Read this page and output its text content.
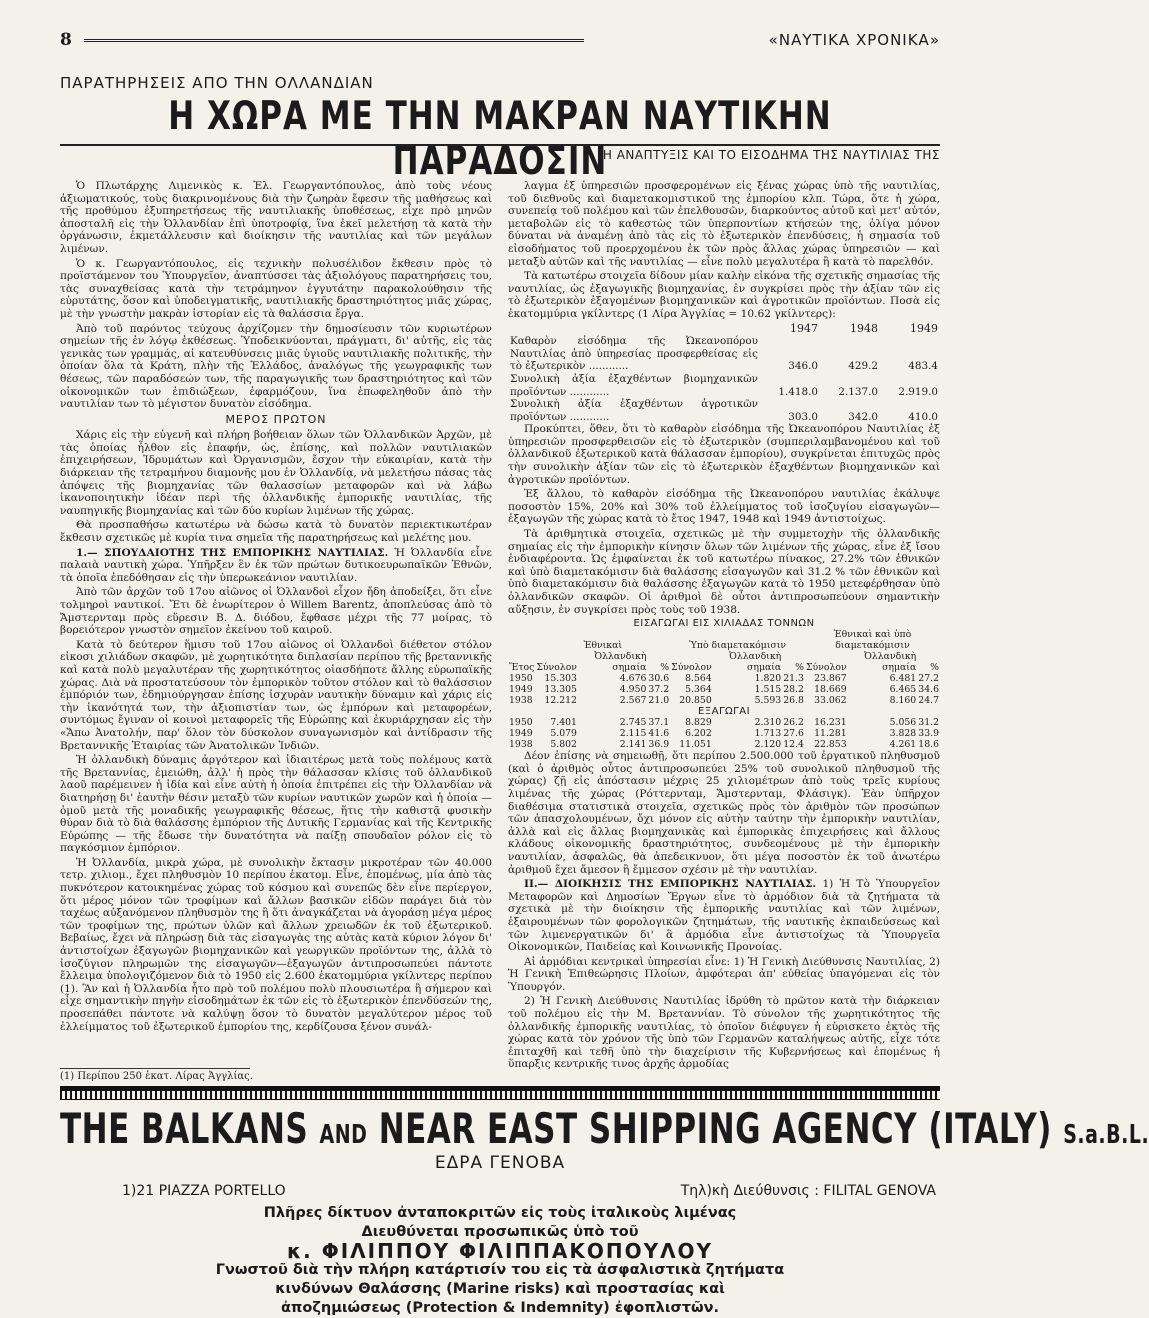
8	«ΝΑΥΤΙΚΑ ΧΡΟΝΙΚΑ»
ΠΑΡΑΤΗΡΗΣΕΙΣ ΑΠΟ ΤΗΝ ΟΛΛΑΝΔΙΑΝ
Η ΧΩΡΑ ΜΕ ΤΗΝ ΜΑΚΡΑΝ ΝΑΥΤΙΚΗΝ ΠΑΡΑΔΟΣΙΝ
Η ΑΝΑΠΤΥΞΙΣ ΚΑΙ ΤΟ ΕΙΣΟΔΗΜΑ ΤΗΣ ΝΑΥΤΙΛΙΑΣ ΤΗΣ

Ὁ Πλωτάρχης Λιμενικὸς κ. Ἐλ. Γεωργαντόπουλος, ἀπὸ τοὺς νέους ἀξιωματικούς, τοὺς διακρινομένους διὰ τὴν ζωηρὰν ἔφεσιν τῆς μαθήσεως καὶ τῆς προθύμου ἐξυπηρετήσεως τῆς ναυτιλιακῆς ὑποθέσεως, εἶχε πρὸ μηνῶν ἀποσταλῆ εἰς τὴν Ὀλλανδίαν ἐπὶ ὑποτροφίᾳ, ἵνα ἐκεῖ μελετήσῃ τὰ κατὰ τὴν ὀργάνωσιν, ἐκμετάλλευσιν καὶ διοίκησιν τῆς ναυτιλίας καὶ τῶν μεγάλων λιμένων.

Ὁ κ. Γεωργαντόπουλος, εἰς τεχνικὴν πολυσέλιδον ἔκθεσιν πρὸς τὸ προϊστάμενον του Ὑπουργεῖον, ἀναπτύσσει τὰς ἀξιολόγους παρατηρήσεις του, τὰς συναχθείσας κατὰ τὴν τετράμηνον ἐγγυτάτην παρακολούθησιν τῆς εὐρυτάτης, ὅσον καὶ ὑποδειγματικῆς, ναυτιλιακῆς δραστηριότητος μιᾶς χώρας, μὲ τὴν γνωστὴν μακρὰν ἱστορίαν εἰς τὰ θαλάσσια ἔργα.

Ἀπὸ τοῦ παρόντος τεύχους ἀρχίζομεν τὴν δημοσίευσιν τῶν κυριωτέρων σημείων τῆς ἐν λόγῳ ἐκθέσεως. Ὑποδεικνύονται, πράγματι, δι' αὐτῆς, εἰς τὰς γενικὰς των γραμμάς, αἱ κατευθύνσεις μιᾶς ὑγιοῦς ναυτιλιακῆς πολιτικῆς, τὴν ὁποίαν ὅλα τὰ Κράτη, πλὴν τῆς Ἑλλάδος, ἀναλόγως τῆς γεωγραφικῆς των θέσεως, τῶν παραδόσεών των, τῆς παραγωγικῆς των δραστηριότητος καὶ τῶν οἰκονομικῶν των ἐπιδιώξεων, ἐφαρμόζουν, ἵνα ἐπωφεληθοῦν ἀπὸ τὴν ναυτιλίαν των τὸ μέγιστον δυνατὸν εἰσόδημα.

ΜΕΡΟΣ ΠΡΩΤΟΝ

Χάρις εἰς τὴν εὐγενῆ καὶ πλήρη βοήθειαν ὅλων τῶν Ὀλλανδικῶν Ἀρχῶν, μὲ τὰς ὁποίας ἦλθον εἰς ἐπαφήν, ὡς, ἐπίσης, καὶ πολλῶν ναυτιλιακῶν ἐπιχειρήσεων, Ἱδρυμάτων καὶ Ὀργανισμῶν, ἔσχον τὴν εὐκαιρίαν, κατὰ τὴν διάρκειαν τῆς τετραμήνου διαμονῆς μου ἐν Ὀλλανδίᾳ, νὰ μελετήσω πάσας τὰς ἀπόψεις τῆς βιομηχανίας τῶν θαλασσίων μεταφορῶν καὶ νὰ λάβω ἱκανοποιητικὴν ἰδέαν περὶ τῆς ὀλλανδικῆς ἐμπορικῆς ναυτιλίας, τῆς ναυπηγικῆς βιομηχανίας καὶ τῶν δύο κυρίων λιμένων τῆς χώρας.

Θὰ προσπαθήσω κατωτέρω νὰ δώσω κατὰ τὸ δυνατὸν περιεκτικωτέραν ἔκθεσιν σχετικῶς μὲ κυρία τινα σημεῖα τῆς παρατηρήσεως καὶ μελέτης μου.

1.— ΣΠΟΥΔΑΙΟΤΗΣ ΤΗΣ ΕΜΠΟΡΙΚΗΣ ΝΑΥΤΙΛΙΑΣ. Ἡ Ὀλλανδία εἶνε παλαιὰ ναυτικὴ χώρα. Ὑπῆρξεν ἓν ἐκ τῶν πρώτων δυτικοευρωπαϊκῶν Ἐθνῶν, τὰ ὁποῖα ἐπεδόθησαν εἰς τὴν ὑπερωκεάνιον ναυτιλίαν.

Ἀπὸ τῶν ἀρχῶν τοῦ 17ου αἰῶνος οἱ Ὀλλανδοὶ εἶχον ἤδη ἀποδείξει, ὅτι εἶνε τολμηροὶ ναυτικοί. Ἔτι δὲ ἐνωρίτερον ὁ Willem Barentz, ἀποπλεύσας ἀπὸ τὸ Ἄμστερνταμ πρὸς εὕρεσιν Β. Δ. διόδου, ἔφθασε μέχρι τῆς 77 μοίρας, τὸ βορειότερον γνωστὸν σημεῖον ἐκείνου τοῦ καιροῦ.

Κατὰ τὸ δεύτερον ἥμισυ τοῦ 17ου αἰῶνος οἱ Ὀλλανδοὶ διέθετον στόλον εἰκοσι χιλιάδων σκαφῶν, μὲ χωρητικότητα διπλασίαν περίπου τῆς βρεταννικῆς καὶ κατὰ πολὺ μεγαλυτέραν τῆς χωρητικότητος οἱασδήποτε ἄλλης εὐρωπαϊκῆς χώρας. Διὰ νὰ προστατεύσουν τὸν ἐμπορικὸν τοῦτον στόλον καὶ τὸ θαλάσσιον ἐμπόριόν των, ἐδημιούργησαν ἐπίσης ἰσχυρὰν ναυτικὴν δύναμιν καὶ χάρις εἰς τὴν ἱκανότητά των, τὴν ἀξιοπιστίαν των, ὡς ἐμπόρων καὶ μεταφορέων, συντόμως ἔγιναν οἱ κοινοὶ μεταφορεῖς τῆς Εὐρώπης καὶ ἐκυριάρχησαν εἰς τὴν «Ἄπω Ἀνατολήν, παρ' ὅλον τὸν δύσκολον συναγωνισμὸν καὶ ἀντίδρασιν τῆς Βρεταννικῆς Ἑταιρίας τῶν Ἀνατολικῶν Ἰνδιῶν.

Ἡ ὀλλανδικὴ δύναμις ἀργότερον καὶ ἰδιαιτέρως μετὰ τοὺς πολέμους κατὰ τῆς Βρεταννίας, ἐμειώθη, ἀλλ' ἡ πρὸς τὴν θάλασσαν κλίσις τοῦ ὀλλανδικοῦ λαοῦ παρέμεινεν ἡ ἰδία καὶ εἶνε αὐτὴ ἡ ὁποία ἐπιτρέπει εἰς τὴν Ὀλλανδίαν νὰ διατηρήσῃ δι' ἑαυτὴν θέσιν μεταξὺ τῶν κυρίων ναυτικῶν χωρῶν καὶ ἡ ὁποία — ὁμοῦ μετὰ τῆς μοναδικῆς γεωγραφικῆς θέσεως, ἥτις τὴν καθιστᾷ φυσικὴν θύραν διὰ τὸ διὰ θαλάσσης ἐμπόριον τῆς Δυτικῆς Γερμανίας καὶ τῆς Κεντρικῆς Εὐρώπης — τῆς ἔδωσε τὴν δυνατότητα νὰ παίξῃ σπουδαῖον ρόλον εἰς τὸ παγκόσμιον ἐμπόριον.

Ἡ Ὀλλανδία, μικρὰ χώρα, μὲ συνολικὴν ἔκτασιν μικροτέραν τῶν 40.000 τετρ. χιλιομ., ἔχει πληθυσμὸν 10 περίπου ἑκατομ. Εἶνε, ἑπομένως, μία ἀπὸ τὰς πυκνότερον κατοικημένας χώρας τοῦ κόσμου καὶ συνεπῶς δὲν εἶνε περίεργον, ὅτι μέρος μόνον τῶν τροφίμων καὶ ἄλλων βασικῶν εἰδῶν παράγει διὰ τὸν ταχέως αὐξανόμενον πληθυσμὸν της ἢ ὅτι ἀναγκάζεται νὰ ἀγοράσῃ μέγα μέρος τῶν τροφίμων της, πρώτων ὑλῶν καὶ ἄλλων χρειωδῶν ἐκ τοῦ ἐξωτερικοῦ. Βεβαίως, ἔχει νὰ πληρώσῃ διὰ τὰς εἰσαγωγὰς της αὐτὰς κατὰ κύριον λόγον δι' ἀντιστοίχων ἐξαγωγῶν βιομηχανικῶν καὶ γεωργικῶν προϊόντων της, ἀλλὰ τὸ ἰσοζύγιον πληρωμῶν της εἰσαγωγῶν—ἐξαγωγῶν ἀντιπροσωπεύει πάντοτε ἔλλειμα ὑπολογιζόμενον διὰ τὸ 1950 εἰς 2.600 ἑκατομμύρια γκίλντερς περίπου (1). Ἂν καὶ ἡ Ὀλλανδία ἦτο πρὸ τοῦ πολέμου πολὺ πλουσιωτέρα ἢ σήμερον καὶ εἶχε σημαντικὴν πηγὴν εἰσοδημάτων ἐκ τῶν εἰς τὸ ἐξωτερικὸν ἐπενδύσεών της, προσεπάθει πάντοτε νὰ καλύψῃ ὅσον τὸ δυνατὸν μεγαλύτερον μέρος τοῦ ἐλλείμματος τοῦ ἐξωτερικοῦ ἐμπορίου της, κερδίζουσα ξένον συνάλ-

(1) Περίπου 250 ἑκατ. Λίρας Ἀγγλίας.

λαγμα ἐξ ὑπηρεσιῶν προσφερομένων εἰς ξένας χώρας ὑπὸ τῆς ναυτιλίας, τοῦ διεθνοῦς καὶ διαμετακομιστικοῦ της ἐμπορίου κλπ. Τώρα, ὅτε ἡ χώρα, συνεπείᾳ τοῦ πολέμου καὶ τῶν ἐπελθουσῶν, διαρκούντος αὐτοῦ καὶ μετ' αὐτόν, μεταβολῶν εἰς τὸ καθεστὼς τῶν ὑπερποντίων κτήσεών της, ὀλίγα μόνον δύναται νὰ ἀναμένῃ ἀπὸ τὰς εἰς τὸ ἐξωτερικὸν ἐπενδύσεις, ἡ σημασία τοῦ εἰσοδήματος τοῦ προερχομένου ἐκ τῶν πρὸς ἄλλας χώρας ὑπηρεσιῶν — καὶ μεταξὺ αὐτῶν καὶ τῆς ναυτιλίας — εἶνε πολὺ μεγαλυτέρα ἢ κατὰ τὸ παρελθόν.

Τὰ κατωτέρω στοιχεῖα δίδουν μίαν καλὴν εἰκόνα τῆς σχετικῆς σημασίας τῆς ναυτιλίας, ὡς ἐξαγωγικῆς βιομηχανίας, ἐν συγκρίσει πρὸς τὴν ἀξίαν τῶν εἰς τὸ ἐξωτερικὸν ἐξαγομένων βιομηχανικῶν καὶ ἀγροτικῶν προϊόντων. Ποσὰ εἰς ἑκατομμύρια γκίλντερς (1 Λίρα Ἀγγλίας = 10.62 γκίλντερς):

	1947	1948	1949
Καθαρὸν εἰσόδημα τῆς Ὠκεανοπόρου Ναυτιλίας ἀπὸ ὑπηρεσίας προσφερθείσας εἰς τὸ ἐξωτερικὸν ............	346.0	429.2	483.4
Συνολικὴ ἀξία ἐξαχθέντων βιομηχανικῶν προϊόντων ............	1.418.0	2.137.0	2.919.0
Συνολικὴ ἀξία ἐξαχθέντων ἀγροτικῶν προϊόντων ............	303.0	342.0	410.0

Προκύπτει, ὅθεν, ὅτι τὸ καθαρὸν εἰσόδημα τῆς Ὠκεανοπόρου Ναυτιλίας ἐξ ὑπηρεσιῶν προσφερθεισῶν εἰς τὸ ἐξωτερικὸν (συμπεριλαμβανομένου καὶ τοῦ ὀλλανδικοῦ ἐξωτερικοῦ κατὰ θάλασσαν ἐμπορίου), συγκρίνεται ἐπιτυχῶς πρὸς τὴν συνολικὴν ἀξίαν τῶν εἰς τὸ ἐξωτερικὸν ἐξαχθέντων βιομηχανικῶν καὶ ἀγροτικῶν προϊόντων.

Ἐξ ἄλλου, τὸ καθαρὸν εἰσόδημα τῆς Ὠκεανοπόρου ναυτιλίας ἐκάλυψε ποσοστὸν 15%, 20% καὶ 30% τοῦ ἐλλείμματος τοῦ ἰσοζυγίου εἰσαγωγῶν—ἐξαγωγῶν τῆς χώρας κατὰ τὸ ἔτος 1947, 1948 καὶ 1949 ἀντιστοίχως.

Τὰ ἀριθμητικὰ στοιχεῖα, σχετικῶς μὲ τὴν συμμετοχὴν τῆς ὀλλανδικῆς σημαίας εἰς τὴν ἐμπορικὴν κίνησιν ὅλων τῶν λιμένων τῆς χώρας, εἶνε ἐξ ἴσου ἐνδιαφέροντα. Ὡς ἐμφαίνεται ἐκ τοῦ κατωτέρω πίνακος, 27.2% τῶν ἐθνικῶν καὶ ὑπὸ διαμετακόμισιν διὰ θαλάσσης εἰσαγωγῶν καὶ 31.2 % τῶν ἐθνικῶν καὶ ὑπὸ διαμετακόμισιν διὰ θαλάσσης ἐξαγωγῶν κατὰ τὸ 1950 μετεφέρθησαν ὑπὸ ὀλλανδικῶν σκαφῶν. Οἱ ἀριθμοὶ δὲ οὗτοι ἀντιπροσωπεύουν σημαντικὴν αὔξησιν, ἐν συγκρίσει πρὸς τοὺς τοῦ 1938.

ΕΙΣΑΓΩΓΑΙ ΕΙΣ ΧΙΛΙΑΔΑΣ ΤΟΝΝΩΝ									
	Ἐθνικαὶ			Ὑπὸ διαμετακόμισιν			Ἐθνικαὶ καὶ ὑπὸ διαμετακόμισιν		
Ἔτος	Σύνολον	Ὀλλανδικὴ σημαία	%	Σύνολον	Ὀλλανδικὴ σημαία	%	Σύνολον	Ὀλλανδικὴ σημαία	%
1950	15.303	4.676	30.6	8.564	1.820	21.3	23.867	6.481	27.2
1949	13.305	4.950	37.2	5.364	1.515	28.2	18.669	6.465	34.6
1938	12.212	2.567	21.0	20.850	5.593	26.8	33.062	8.160	24.7
ΕΞΑΓΩΓΑΙ									
1950	7.401	2.745	37.1	8.829	2.310	26.2	16.231	5.056	31.2
1949	5.079	2.115	41.6	6.202	1.713	27.6	11.281	3.828	33.9
1938	5.802	2.141	36.9	11.051	2.120	12.4	22.853	4.261	18.6

Δέον ἐπίσης νὰ σημειωθῇ, ὅτι περίπου 2.500.000 τοῦ ἐργατικοῦ πληθυσμοῦ (καὶ ὁ ἀριθμὸς οὗτος ἀντιπροσωπεύει 25% τοῦ συνολικοῦ πληθυσμοῦ τῆς χώρας) ζῇ εἰς ἀπόστασιν μέχρις 25 χιλιομέτρων ἀπὸ τοὺς τρεῖς κυρίους λιμένας τῆς χώρας (Ρόττερνταμ, Ἄμστερνταμ, Φλάσιγκ). Ἐὰν ὑπῆρχον διαθέσιμα στατιστικὰ στοιχεῖα, σχετικῶς πρὸς τὸν ἀριθμὸν τῶν προσώπων τῶν ἀπασχολουμένων, ὄχι μόνον εἰς αὐτὴν ταύτην τὴν ἐμπορικὴν ναυτιλίαν, ἀλλὰ καὶ εἰς ἄλλας βιομηχανικὰς καὶ ἐμπορικὰς ἐπιχειρήσεις καὶ ἄλλους κλάδους οἰκονομικῆς δραστηριότητος, συνδεομένους μὲ τὴν ἐμπορικὴν ναυτιλίαν, ἀσφαλῶς, θὰ ἀπεδεικνυον, ὅτι μέγα ποσοστὸν ἐκ τοῦ ἀνωτέρω ἀριθμοῦ ἔχει ἄμεσον ἢ ἔμμεσον σχέσιν μὲ τὴν ναυτιλίαν.

ΙΙ.— ΔΙΟΙΚΗΣΙΣ ΤΗΣ ΕΜΠΟΡΙΚΗΣ ΝΑΥΤΙΛΙΑΣ. 1) Ἡ Τὸ Ὑπουργεῖον Μεταφορῶν καὶ Δημοσίων Ἔργων εἶνε τὸ ἁρμόδιον διὰ τὰ ζητήματα τὰ σχετικὰ μὲ τὴν διοίκησιν τῆς ἐμπορικῆς ναυτιλίας καὶ τῶν λιμένων, ἐξαιρουμένων τῶν φορολογικῶν ζητημάτων, τῆς ναυτικῆς ἐκπαιδεύσεως καὶ τῶν λιμενεργατικῶν δι' ἃ ἁρμόδια εἶνε ἀντιστοίχως τὰ Ὑπουργεῖα Οἰκονομικῶν, Παιδείας καὶ Κοινωνικῆς Προνοίας.

Αἱ ἁρμόδιαι κεντρικαὶ ὑπηρεσίαι εἶνε: 1) Ἡ Γενικὴ Διεύθυνσις Ναυτιλίας, 2) Ἡ Γενικὴ Ἐπιθεώρησις Πλοίων, ἀμφότεραι ἀπ' εὐθείας ὑπαγόμεναι εἰς τὸν Ὑπουργόν.

2) Ἡ Γενικὴ Διεύθυνσις Ναυτιλίας ἱδρύθη τὸ πρῶτον κατὰ τὴν διάρκειαν τοῦ πολέμου εἰς τὴν Μ. Βρεταννίαν. Τὸ σύνολον τῆς χωρητικότητος τῆς ὀλλανδικῆς ἐμπορικῆς ναυτιλίας, τὸ ὁποῖον διέφυγεν ἡ εὑρισκετο ἐκτὸς τῆς χώρας κατὰ τὸν χρόνον τῆς ὑπὸ τῶν Γερμανῶν καταλήψεως αὐτῆς, εἶχε τότε ἐπιταχθῆ καὶ τεθῆ ὑπὸ τὴν διαχείρισιν τῆς Κυβερνήσεως καὶ ἑπομένως ἡ ὕπαρξις κεντρικῆς τινος ἀρχῆς ἁρμοδίας

THE BALKANS AND NEAR EAST SHIPPING AGENCY (ITALY) S.a.B.L.
ΕΔΡΑ ΓΕΝΟΒΑ
1)21 PIAZZA PORTELLO	Τηλ)κὴ Διεύθυνσις : FILITAL GENOVA
Πλῆρες δίκτυον ἀνταποκριτῶν εἰς τοὺς ἰταλικοὺς λιμένας
Διευθύνεται προσωπικῶς ὑπὸ τοῦ
κ. ΦΙΛΙΠΠΟΥ ΦΙΛΙΠΠΑΚΟΠΟΥΛΟΥ
Γνωστοῦ διὰ τὴν πλήρη κατάρτισίν του εἰς τὰ ἀσφαλιστικὰ ζητήματα
κινδύνων Θαλάσσης (Marine risks) καὶ προστασίας καὶ
ἀποζημιώσεως (Protection & Indemnity) ἐφοπλιστῶν.
